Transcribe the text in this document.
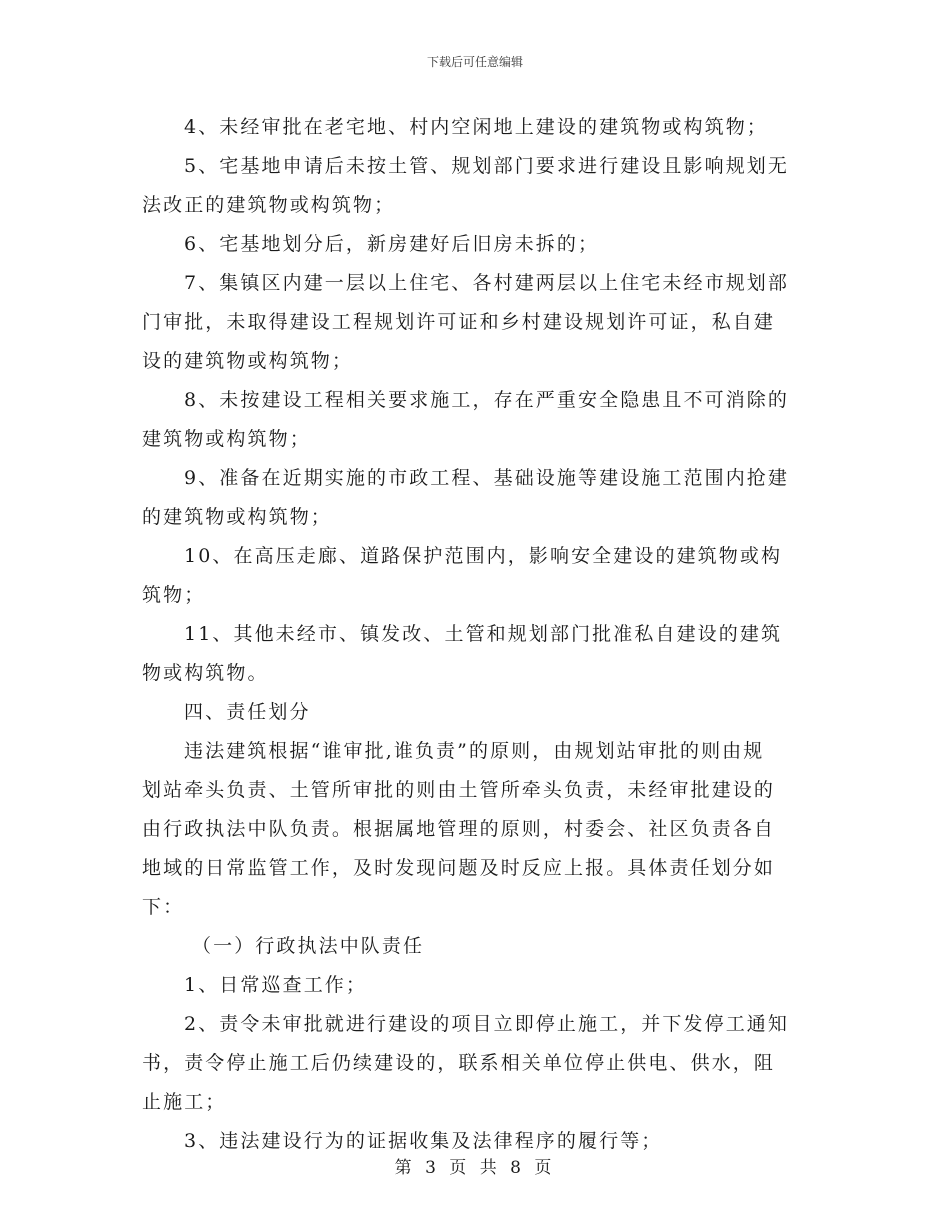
下载后可任意编辑
4、未经审批在老宅地、村内空闲地上建设的建筑物或构筑物；
5、宅基地申请后未按土管、规划部门要求进行建设且影响规划无
法改正的建筑物或构筑物；
6、宅基地划分后，新房建好后旧房未拆的；
7、集镇区内建一层以上住宅、各村建两层以上住宅未经市规划部
门审批，未取得建设工程规划许可证和乡村建设规划许可证，私自建
设的建筑物或构筑物；
8、未按建设工程相关要求施工，存在严重安全隐患且不可消除的
建筑物或构筑物；
9、准备在近期实施的市政工程、基础设施等建设施工范围内抢建
的建筑物或构筑物；
10、在高压走廊、道路保护范围内，影响安全建设的建筑物或构
筑物；
11、其他未经市、镇发改、土管和规划部门批准私自建设的建筑
物或构筑物。
四、责任划分
违法建筑根据“谁审批,谁负责”的原则，由规划站审批的则由规
划站牵头负责、土管所审批的则由土管所牵头负责，未经审批建设的
由行政执法中队负责。根据属地管理的原则，村委会、社区负责各自
地域的日常监管工作，及时发现问题及时反应上报。具体责任划分如
下：
（一）行政执法中队责任
1、日常巡查工作；
2、责令未审批就进行建设的项目立即停止施工，并下发停工通知
书，责令停止施工后仍续建设的，联系相关单位停止供电、供水，阻
止施工；
3、违法建设行为的证据收集及法律程序的履行等；
第 3 页 共 8 页
